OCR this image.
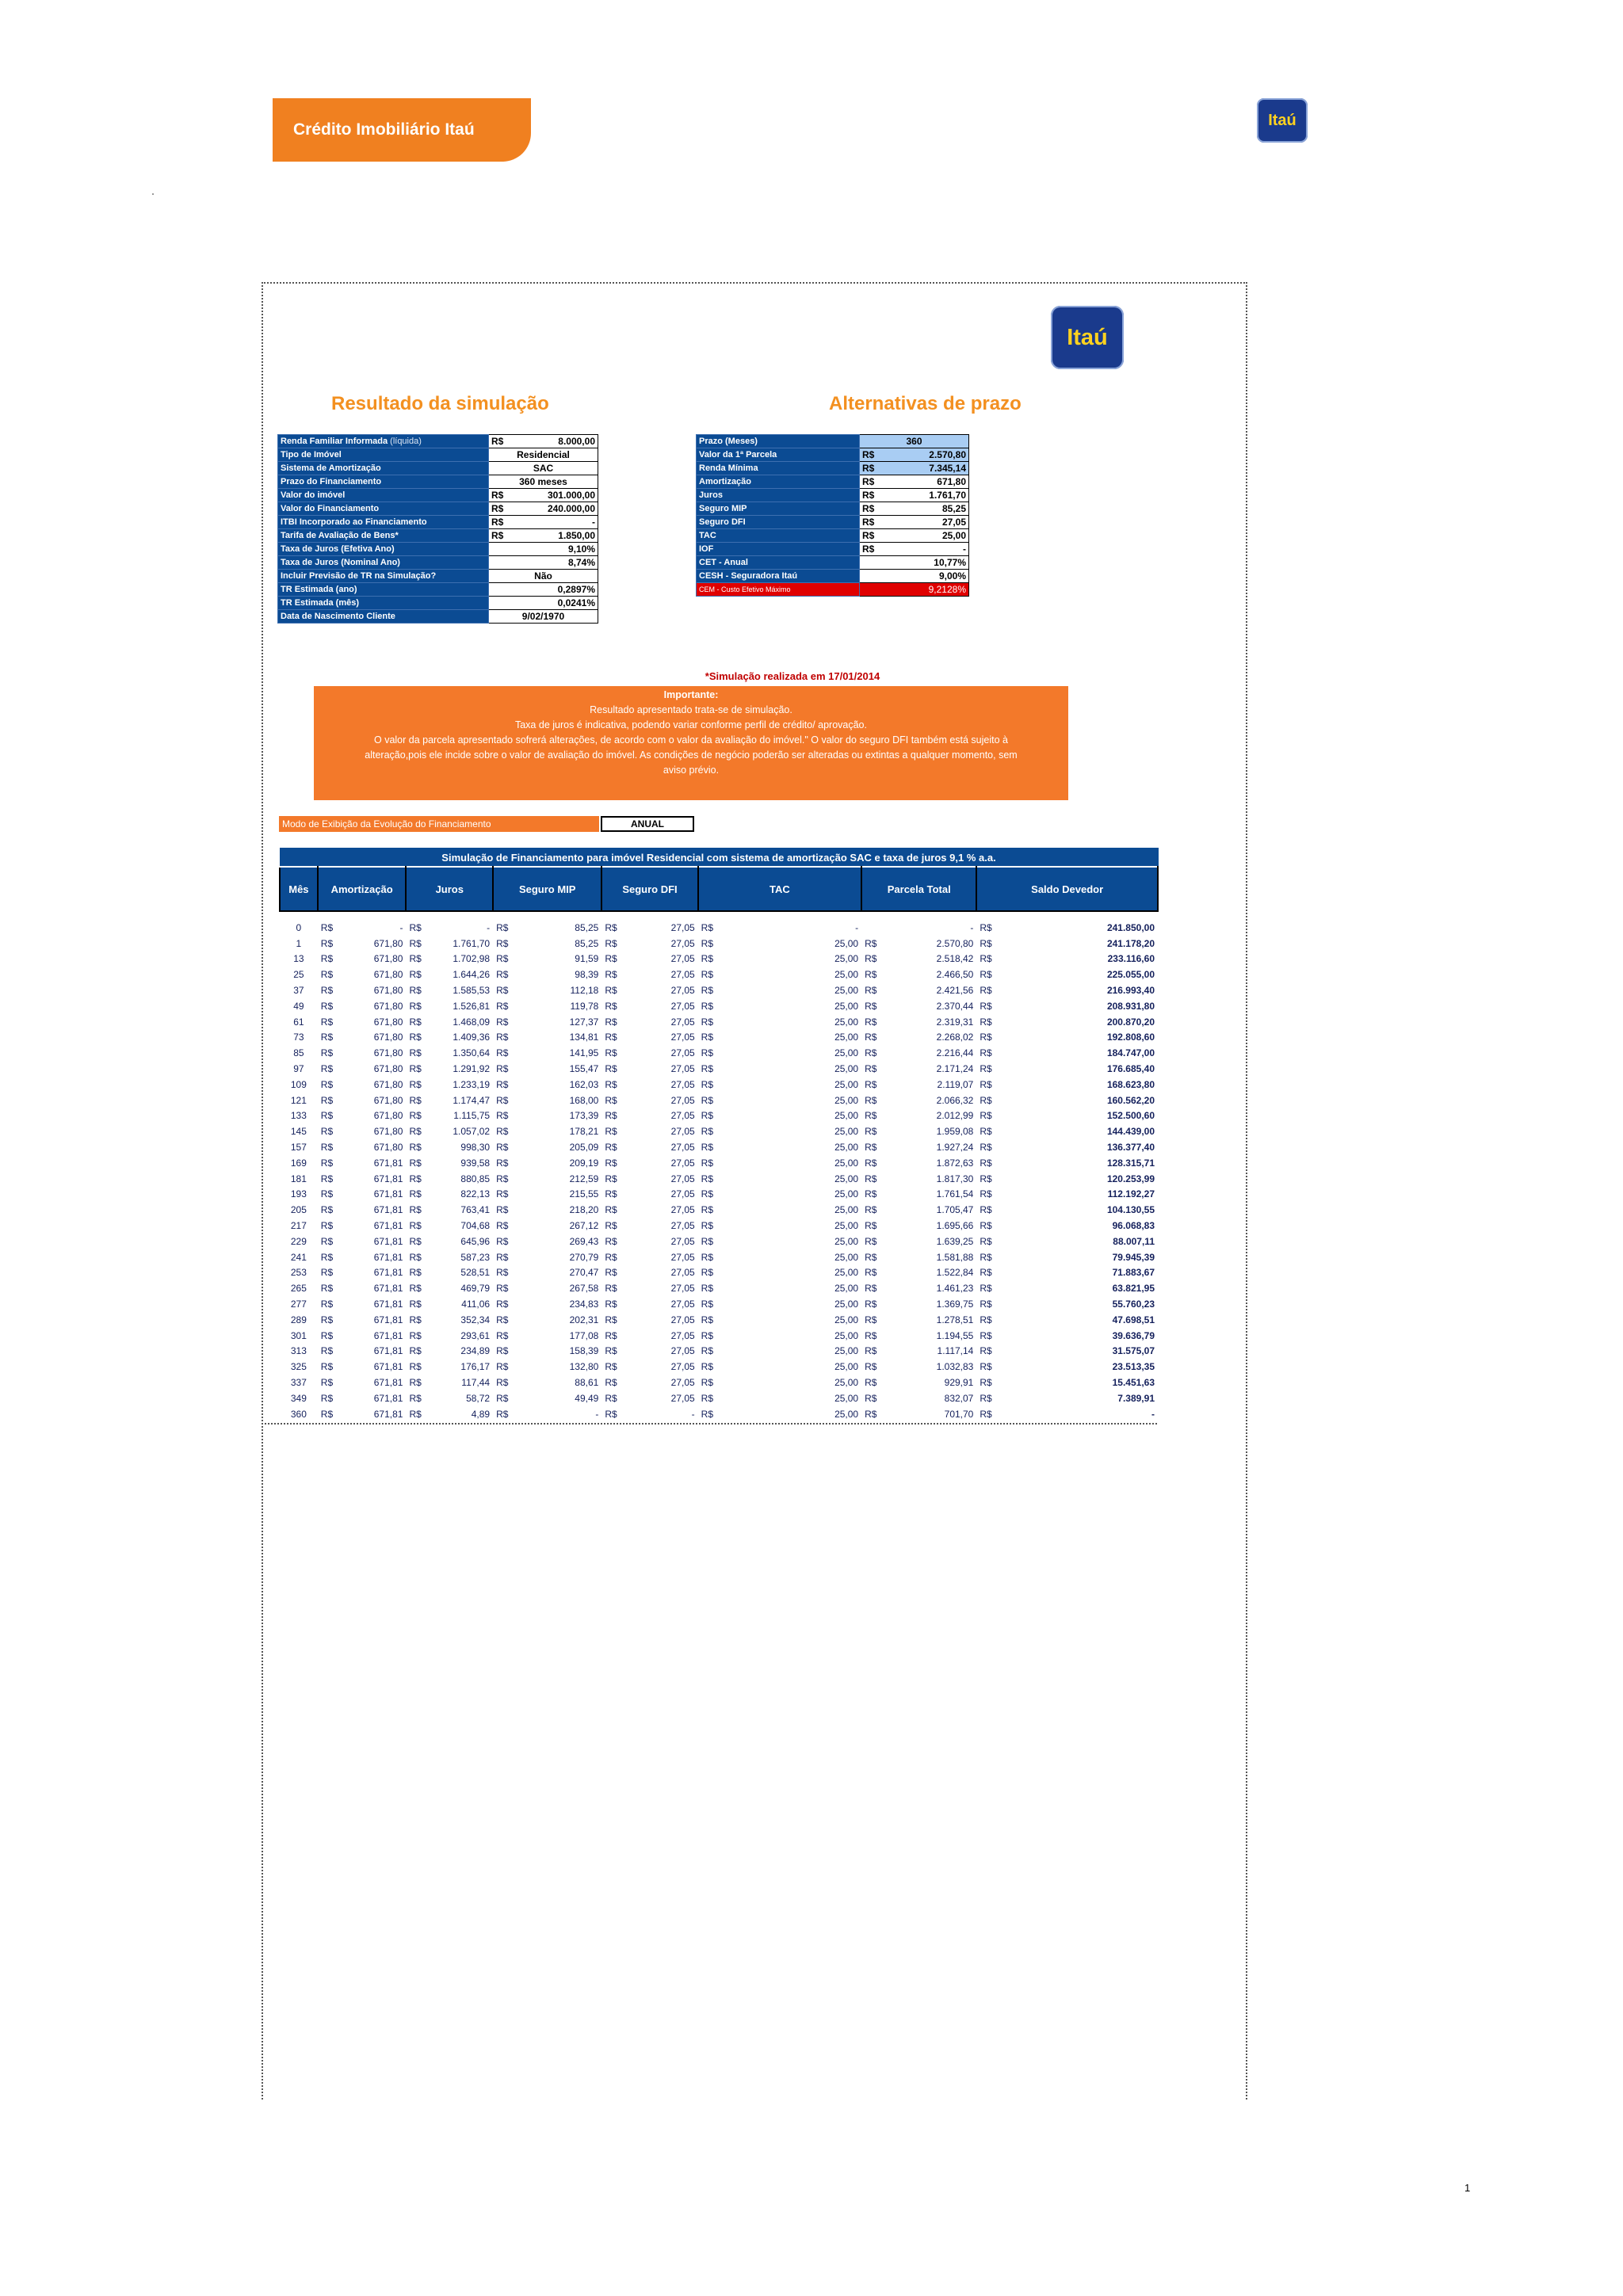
Crédito Imobiliário Itaú	Itaú
Itaú
Resultado da simulação	Alternativas de prazo
Renda Familiar Informada (líquida)	R$	8.000,00
Tipo de Imóvel	Residencial	
Sistema de Amortização	SAC	
Prazo do Financiamento	360 meses	
Valor do imóvel	R$	301.000,00
Valor do Financiamento	R$	240.000,00
ITBI Incorporado ao Financiamento	R$	-
Tarifa de Avaliação de Bens*	R$	1.850,00
Taxa de Juros (Efetiva Ano)	9,10%	
Taxa de Juros (Nominal Ano)	8,74%	
Incluir Previsão de TR na Simulação?	Não	
TR Estimada (ano)	0,2897%	
TR Estimada (mês)	0,0241%	
Data de Nascimento Cliente	9/02/1970	
Prazo (Meses)	360	
Valor da 1ª Parcela	R$	2.570,80
Renda Mínima	R$	7.345,14
Amortização	R$	671,80
Juros	R$	1.761,70
Seguro MIP	R$	85,25
Seguro DFI	R$	27,05
TAC	R$	25,00
IOF	R$	-
CET - Anual	10,77%	
CESH - Seguradora Itaú	9,00%	
CEM - Custo Efetivo Máximo	9,2128%	
*Simulação realizada em 17/01/2014
Importante:
Resultado apresentado trata-se de simulação.
Taxa de juros é indicativa, podendo variar conforme perfil de crédito/ aprovação.
O valor da parcela apresentado sofrerá alterações, de acordo com o valor da avaliação do imóvel." O valor do seguro DFI também está sujeito à
alteração,pois ele incide sobre o valor de avaliação do imóvel. As condições de negócio poderão ser alteradas ou extintas a qualquer momento, sem
aviso prévio.
Modo de Exibição da Evolução do Financiamento	ANUAL
Simulação de Financiamento para imóvel Residencial com sistema de amortização SAC e taxa de juros 9,1 % a.a.														
Mês	Amortização		Juros		Seguro MIP		Seguro DFI		TAC		Parcela Total		Saldo Devedor	

0	R$	-	R$	-	R$	85,25	R$	27,05	R$	-		-	R$	241.850,00
1	R$	671,80	R$	1.761,70	R$	85,25	R$	27,05	R$	25,00	R$	2.570,80	R$	241.178,20
13	R$	671,80	R$	1.702,98	R$	91,59	R$	27,05	R$	25,00	R$	2.518,42	R$	233.116,60
25	R$	671,80	R$	1.644,26	R$	98,39	R$	27,05	R$	25,00	R$	2.466,50	R$	225.055,00
37	R$	671,80	R$	1.585,53	R$	112,18	R$	27,05	R$	25,00	R$	2.421,56	R$	216.993,40
49	R$	671,80	R$	1.526,81	R$	119,78	R$	27,05	R$	25,00	R$	2.370,44	R$	208.931,80
61	R$	671,80	R$	1.468,09	R$	127,37	R$	27,05	R$	25,00	R$	2.319,31	R$	200.870,20
73	R$	671,80	R$	1.409,36	R$	134,81	R$	27,05	R$	25,00	R$	2.268,02	R$	192.808,60
85	R$	671,80	R$	1.350,64	R$	141,95	R$	27,05	R$	25,00	R$	2.216,44	R$	184.747,00
97	R$	671,80	R$	1.291,92	R$	155,47	R$	27,05	R$	25,00	R$	2.171,24	R$	176.685,40
109	R$	671,80	R$	1.233,19	R$	162,03	R$	27,05	R$	25,00	R$	2.119,07	R$	168.623,80
121	R$	671,80	R$	1.174,47	R$	168,00	R$	27,05	R$	25,00	R$	2.066,32	R$	160.562,20
133	R$	671,80	R$	1.115,75	R$	173,39	R$	27,05	R$	25,00	R$	2.012,99	R$	152.500,60
145	R$	671,80	R$	1.057,02	R$	178,21	R$	27,05	R$	25,00	R$	1.959,08	R$	144.439,00
157	R$	671,80	R$	998,30	R$	205,09	R$	27,05	R$	25,00	R$	1.927,24	R$	136.377,40
169	R$	671,81	R$	939,58	R$	209,19	R$	27,05	R$	25,00	R$	1.872,63	R$	128.315,71
181	R$	671,81	R$	880,85	R$	212,59	R$	27,05	R$	25,00	R$	1.817,30	R$	120.253,99
193	R$	671,81	R$	822,13	R$	215,55	R$	27,05	R$	25,00	R$	1.761,54	R$	112.192,27
205	R$	671,81	R$	763,41	R$	218,20	R$	27,05	R$	25,00	R$	1.705,47	R$	104.130,55
217	R$	671,81	R$	704,68	R$	267,12	R$	27,05	R$	25,00	R$	1.695,66	R$	96.068,83
229	R$	671,81	R$	645,96	R$	269,43	R$	27,05	R$	25,00	R$	1.639,25	R$	88.007,11
241	R$	671,81	R$	587,23	R$	270,79	R$	27,05	R$	25,00	R$	1.581,88	R$	79.945,39
253	R$	671,81	R$	528,51	R$	270,47	R$	27,05	R$	25,00	R$	1.522,84	R$	71.883,67
265	R$	671,81	R$	469,79	R$	267,58	R$	27,05	R$	25,00	R$	1.461,23	R$	63.821,95
277	R$	671,81	R$	411,06	R$	234,83	R$	27,05	R$	25,00	R$	1.369,75	R$	55.760,23
289	R$	671,81	R$	352,34	R$	202,31	R$	27,05	R$	25,00	R$	1.278,51	R$	47.698,51
301	R$	671,81	R$	293,61	R$	177,08	R$	27,05	R$	25,00	R$	1.194,55	R$	39.636,79
313	R$	671,81	R$	234,89	R$	158,39	R$	27,05	R$	25,00	R$	1.117,14	R$	31.575,07
325	R$	671,81	R$	176,17	R$	132,80	R$	27,05	R$	25,00	R$	1.032,83	R$	23.513,35
337	R$	671,81	R$	117,44	R$	88,61	R$	27,05	R$	25,00	R$	929,91	R$	15.451,63
349	R$	671,81	R$	58,72	R$	49,49	R$	27,05	R$	25,00	R$	832,07	R$	7.389,91
360	R$	671,81	R$	4,89	R$	-	R$	-	R$	25,00	R$	701,70	R$	-
1
